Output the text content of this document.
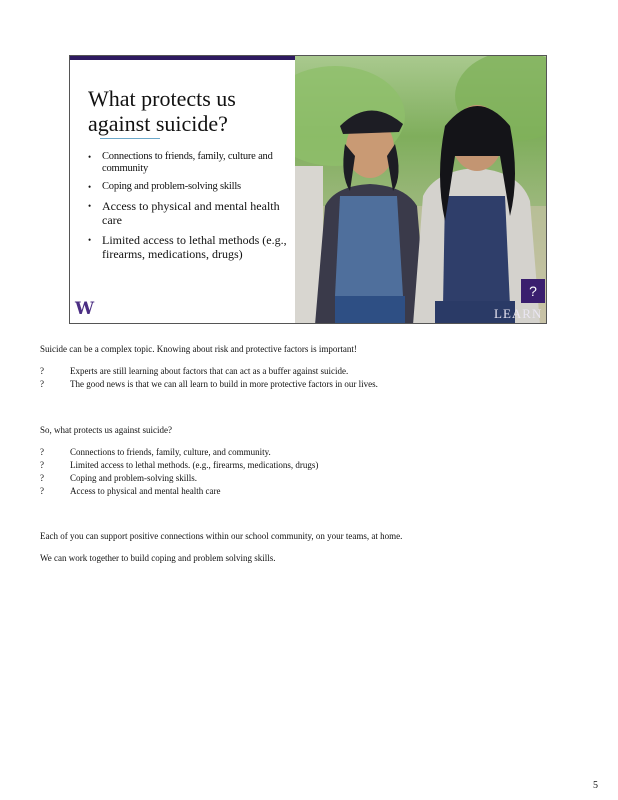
What protects us against suicide?
• Connections to friends, family, culture and community
• Coping and problem-solving skills
• Access to physical and mental health care
• Limited access to lethal methods (e.g., firearms, medications, drugs)
W
?
LEARN

Suicide can be a complex topic. Knowing about risk and protective factors is important!

?	Experts are still learning about factors that can act as a buffer against suicide.
?	The good news is that we can all learn to build in more protective factors in our lives.

So, what protects us against suicide?

?	Connections to friends, family, culture, and community.
?	Limited access to lethal methods. (e.g., firearms, medications, drugs)
?	Coping and problem-solving skills.
?	Access to physical and mental health care

Each of you can support positive connections within our school community, on your teams, at home.

We can work together to build coping and problem solving skills.

5
